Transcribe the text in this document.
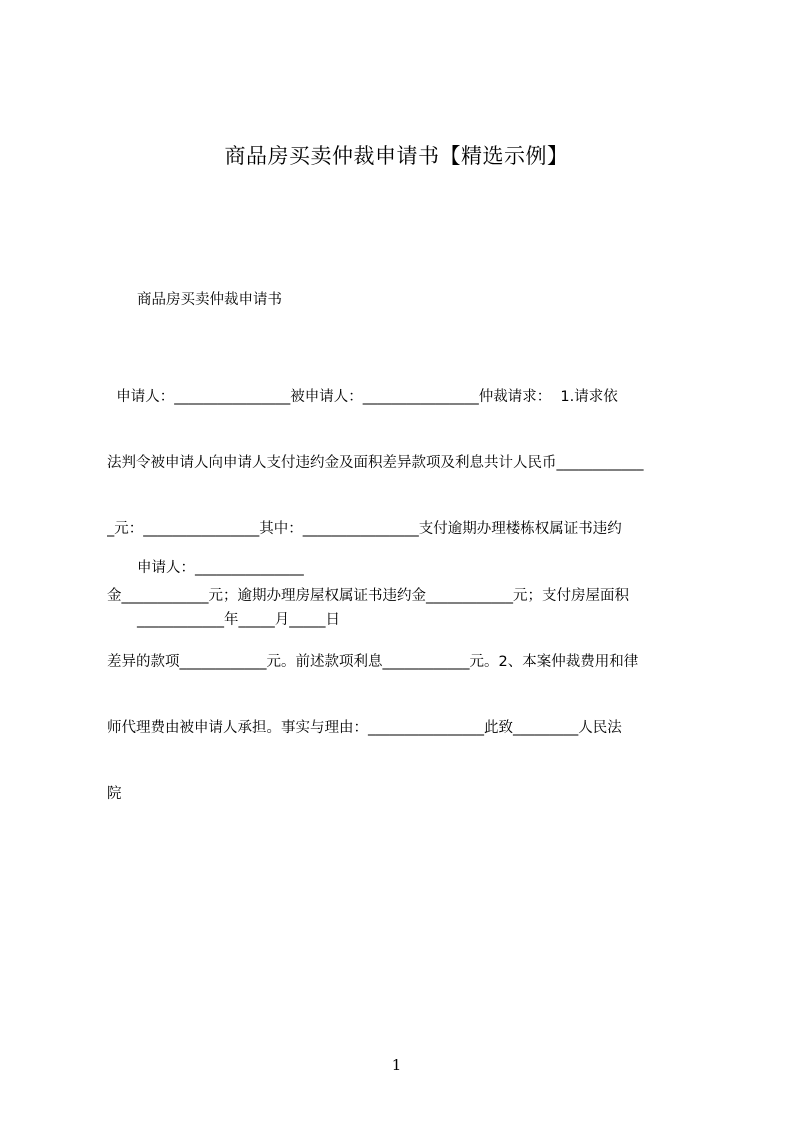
商品房买卖仲裁申请书【精选示例】

商品房买卖仲裁申请书

申请人：________________被申请人：________________仲裁请求：  1.请求依

法判令被申请人向申请人支付违约金及面积差异款项及利息共计人民币____________

_元：________________其中：________________支付逾期办理楼栋权属证书违约

金____________元；逾期办理房屋权属证书违约金____________元；支付房屋面积

差异的款项____________元。前述款项利息____________元。2、本案仲裁费用和律

师代理费由被申请人承担。事实与理由：________________此致_________人民法

院

申请人：_______________

____________年_____月_____日

1
